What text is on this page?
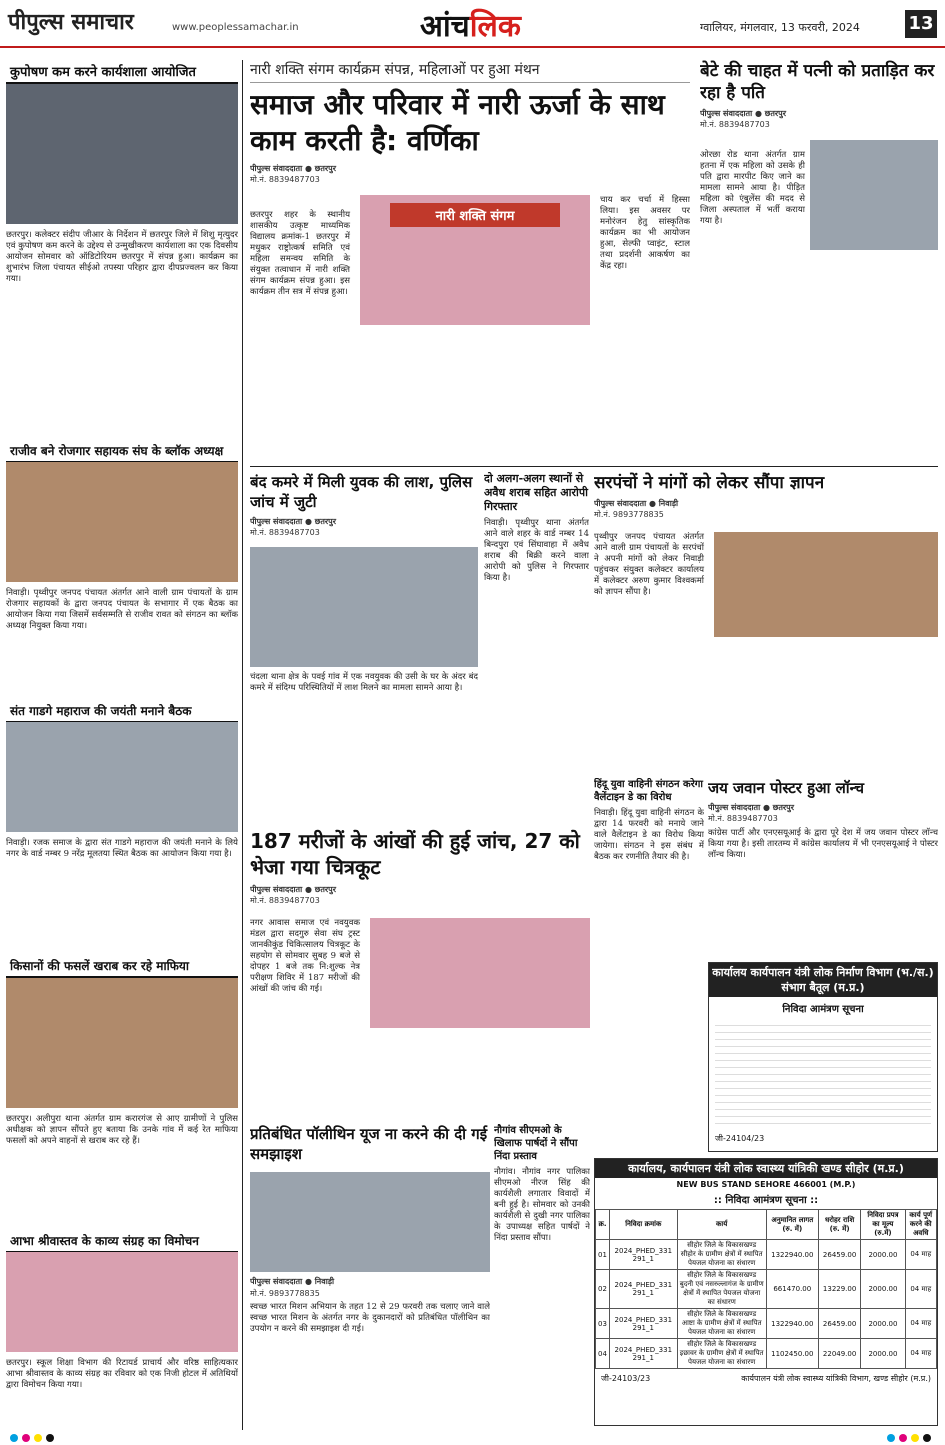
पीपुल्स समाचार	www.peoplessamachar.in	आंचलिक	ग्वालियर, मंगलवार, 13 फरवरी, 2024	13
कुपोषण कम करने कार्यशाला आयोजित
छतरपुर। कलेक्टर संदीप जीआर के निर्देशन में छतरपुर जिले में शिशु मृत्युदर एवं कुपोषण कम करने के उद्देश्य से उन्मुखीकरण कार्यशाला का एक दिवसीय आयोजन सोमवार को ऑडिटोरियम छतरपुर में संपन्न हुआ। कार्यक्रम का शुभारंभ जिला पंचायत सीईओ तपस्या परिहार द्वारा दीपप्रज्वलन कर किया गया।
राजीव बने रोजगार सहायक संघ के ब्लॉक अध्यक्ष
निवाड़ी। पृथ्वीपुर जनपद पंचायत अंतर्गत आने वाली ग्राम पंचायतों के ग्राम रोजगार सहायकों के द्वारा जनपद पंचायत के सभागार में एक बैठक का आयोजन किया गया जिसमें सर्वसम्मति से राजीव रावत को संगठन का ब्लॉक अध्यक्ष नियुक्त किया गया।
संत गाडगे महाराज की जयंती मनाने बैठक
निवाड़ी। रजक समाज के द्वारा संत गाडगे महाराज की जयंती मनाने के लिये नगर के वार्ड नम्बर 9 नरेंद्र मूलतया स्थित बैठक का आयोजन किया गया है।
किसानों की फसलें खराब कर रहे माफिया
छतरपुर। अलीपुरा थाना अंतर्गत ग्राम करारगंज से आए ग्रामीणों ने पुलिस अधीक्षक को ज्ञापन सौंपते हुए बताया कि उनके गांव में कई रेत माफिया फसलों को अपने वाहनों से खराब कर रहे हैं।
आभा श्रीवास्तव के काव्य संग्रह का विमोचन
छतरपुर। स्कूल शिक्षा विभाग की रिटायर्ड प्राचार्य और वरिष्ठ साहित्यकार आभा श्रीवास्तव के काव्य संग्रह का रविवार को एक निजी होटल में अतिथियों द्वारा विमोचन किया गया।
नारी शक्ति संगम कार्यक्रम संपन्न, महिलाओं पर हुआ मंथन
समाज और परिवार में नारी ऊर्जा के साथ काम करती है: वर्णिका
पीपुल्स संवाददाता ● छतरपुर
मो.नं. 8839487703
छतरपुर शहर के स्थानीय शासकीय उत्कृष्ट माध्यमिक विद्यालय क्रमांक-1 छतरपुर में मधुकर राष्ट्रोत्कर्ष समिति एवं महिला समन्वय समिति के संयुक्त तत्वाधान में नारी शक्ति संगम कार्यक्रम संपन्न हुआ। इस कार्यक्रम तीन सत्र में संपन्न हुआ।
नारी शक्ति संगम
चाय कर चर्चा में हिस्सा लिया। इस अवसर पर मनोरंजन हेतु सांस्कृतिक कार्यक्रम का भी आयोजन हुआ, सेल्फी प्वाइंट, स्टाल तथा प्रदर्शनी आकर्षण का केंद्र रहा।
बेटे की चाहत में पत्नी को प्रताड़ित कर रहा है पति
पीपुल्स संवाददाता ● छतरपुर
मो.नं. 8839487703
ओरछा रोड थाना अंतर्गत ग्राम हतना में एक महिला को उसके ही पति द्वारा मारपीट किए जाने का मामला सामने आया है। पीड़ित महिला को एंबुलेंस की मदद से जिला अस्पताल में भर्ती कराया गया है।
बंद कमरे में मिली युवक की लाश, पुलिस जांच में जुटी
पीपुल्स संवाददाता ● छतरपुर
मो.नं. 8839487703
चंदला थाना क्षेत्र के पवई गांव में एक नवयुवक की उसी के घर के अंदर बंद कमरे में संदिग्ध परिस्थितियों में लाश मिलने का मामला सामने आया है।
दो अलग-अलग स्थानों से अवैध शराब सहित आरोपी गिरफ्तार
निवाड़ी। पृथ्वीपुर थाना अंतर्गत आने वाले शहर के वार्ड नम्बर 14 बिन्दपुरा एवं सिंघावाहा में अवैध शराब की बिक्री करने वाला आरोपी को पुलिस ने गिरफ्तार किया है।
सरपंचों ने मांगों को लेकर सौंपा ज्ञापन
पीपुल्स संवाददाता ● निवाड़ी
मो.नं. 9893778835
पृथ्वीपुर जनपद पंचायत अंतर्गत आने वाली ग्राम पंचायतों के सरपंचों ने अपनी मांगों को लेकर निवाड़ी पहुंचकर संयुक्त कलेक्टर कार्यालय में कलेक्टर अरुण कुमार विश्वकर्मा को ज्ञापन सौंपा है।
187 मरीजों के आंखों की हुई जांच, 27 को भेजा गया चित्रकूट
पीपुल्स संवाददाता ● छतरपुर
मो.नं. 8839487703
नगर आवास समाज एवं नवयुवक मंडल द्वारा सदगुरु सेवा संघ ट्रस्ट जानकीकुंड चिकित्सालय चित्रकूट के सहयोग से सोमवार सुबह 9 बजे से दोपहर 1 बजे तक नि:शुल्क नेत्र परीक्षण शिविर में 187 मरीजों की आंखों की जांच की गई।
हिंदू युवा वाहिनी संगठन करेगा वैलेंटाइन डे का विरोध
निवाड़ी। हिंदू युवा वाहिनी संगठन के द्वारा 14 फरवरी को मनाये जाने वाले वैलेंटाइन डे का विरोध किया जायेगा। संगठन ने इस संबंध में बैठक कर रणनीति तैयार की है।
जय जवान पोस्टर हुआ लॉन्च
पीपुल्स संवाददाता ● छतरपुर
मो.नं. 8839487703
कांग्रेस पार्टी और एनएसयूआई के द्वारा पूरे देश में जय जवान पोस्टर लॉन्च किया गया है। इसी तारतम्य में कांग्रेस कार्यालय में भी एनएसयूआई ने पोस्टर लॉन्च किया।
कार्यालय कार्यपालन यंत्री लोक निर्माण विभाग (भ./स.) संभाग बैतूल (म.प्र.)
निविदा आमंत्रण सूचना
जी-24104/23
प्रतिबंधित पॉलीथिन यूज ना करने की दी गई समझाइश
पीपुल्स संवाददाता ● निवाड़ी
मो.नं. 9893778835
स्वच्छ भारत मिशन अभियान के तहत 12 से 29 फरवरी तक चलाए जाने वाले स्वच्छ भारत मिशन के अंतर्गत नगर के दुकानदारों को प्रतिबंधित पॉलीथिन का उपयोग न करने की समझाइश दी गई।
नौगांव सीएमओ के खिलाफ पार्षदों ने सौंपा निंदा प्रस्ताव
नौगांव। नौगांव नगर पालिका सीएमओ नीरज सिंह की कार्यशैली लगातार विवादों में बनी हुई है। सोमवार को उनकी कार्यशैली से दुखी नगर पालिका के उपाध्यक्ष सहित पार्षदों ने निंदा प्रस्ताव सौंपा।
कार्यालय, कार्यपालन यंत्री लोक स्वास्थ्य यांत्रिकी खण्ड सीहोर (म.प्र.)
NEW BUS STAND SEHORE 466001 (M.P.)
:: निविदा आमंत्रण सूचना ::
क्र.	निविदा क्रमांक	कार्य	अनुमानित लागत (रु. में)	धरोहर राशि (रु. में)	निविदा प्रपत्र का मूल्य (रु.में)	कार्य पूर्ण करने की अवधि
01	2024_PHED_331 291_1	सीहोर जिले के विकासखण्ड सीहोर के ग्रामीण क्षेत्रों में स्थापित पेयजल योजना का संधारण	1322940.00	26459.00	2000.00	04 माह
02	2024_PHED_331 291_1	सीहोर जिले के विकासखण्ड बुदनी एवं नसरुल्लागंज के ग्रामीण क्षेत्रों में स्थापित पेयजल योजना का संधारण	661470.00	13229.00	2000.00	04 माह
03	2024_PHED_331 291_1	सीहोर जिले के विकासखण्ड आष्टा के ग्रामीण क्षेत्रों में स्थापित पेयजल योजना का संधारण	1322940.00	26459.00	2000.00	04 माह
04	2024_PHED_331 291_1	सीहोर जिले के विकासखण्ड इछावर के ग्रामीण क्षेत्रों में स्थापित पेयजल योजना का संधारण	1102450.00	22049.00	2000.00	04 माह
जी-24103/23	कार्यपालन यंत्री लोक स्वास्थ्य यांत्रिकी विभाग, खण्ड सीहोर (म.प्र.)
